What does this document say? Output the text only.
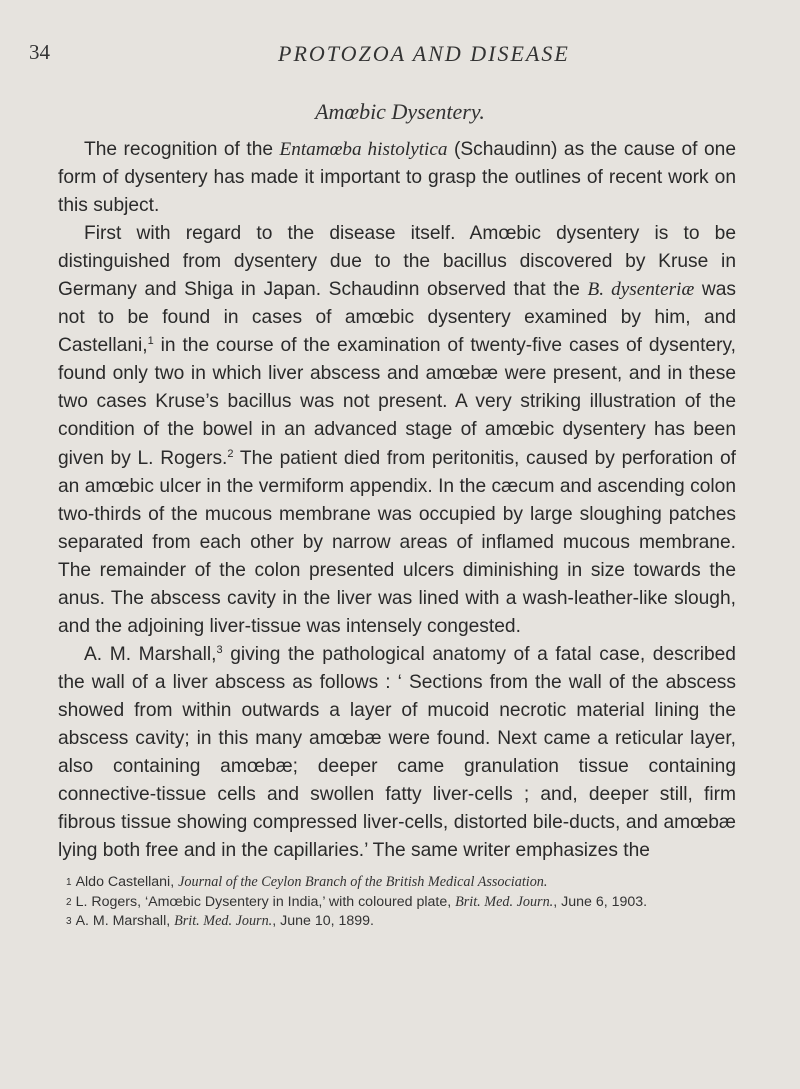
34	PROTOZOA AND DISEASE
Amœbic Dysentery.

The recognition of the Entamœba histolytica (Schaudinn) as the cause of one form of dysentery has made it important to grasp the outlines of recent work on this subject.

First with regard to the disease itself. Amœbic dysentery is to be distinguished from dysentery due to the bacillus discovered by Kruse in Germany and Shiga in Japan. Schaudinn observed that the B. dysenteriæ was not to be found in cases of amœbic dysentery examined by him, and Castellani,$^1$ in the course of the examination of twenty-five cases of dysentery, found only two in which liver abscess and amœbæ were present, and in these two cases Kruse’s bacillus was not present. A very striking illustration of the condition of the bowel in an advanced stage of amœbic dysentery has been given by L. Rogers.$^2$ The patient died from peritonitis, caused by perforation of an amœbic ulcer in the vermiform appendix. In the cæcum and ascending colon two-thirds of the mucous membrane was occupied by large sloughing patches separated from each other by narrow areas of inflamed mucous membrane. The remainder of the colon presented ulcers diminishing in size towards the anus. The abscess cavity in the liver was lined with a wash-leather-like slough, and the adjoining liver-tissue was intensely congested.

A. M. Marshall,$^3$ giving the pathological anatomy of a fatal case, described the wall of a liver abscess as follows : ‘ Sections from the wall of the abscess showed from within outwards a layer of mucoid necrotic material lining the abscess cavity; in this many amœbæ were found. Next came a reticular layer, also containing amœbæ; deeper came granulation tissue containing connective-tissue cells and swollen fatty liver-cells ; and, deeper still, firm fibrous tissue showing compressed liver-cells, distorted bile-ducts, and amœbæ lying both free and in the capillaries.’ The same writer emphasizes the

1 Aldo Castellani, Journal of the Ceylon Branch of the British Medical Association.

2 L. Rogers, ‘Amœbic Dysentery in India,’ with coloured plate, Brit. Med. Journ., June 6, 1903.

3 A. M. Marshall, Brit. Med. Journ., June 10, 1899.
